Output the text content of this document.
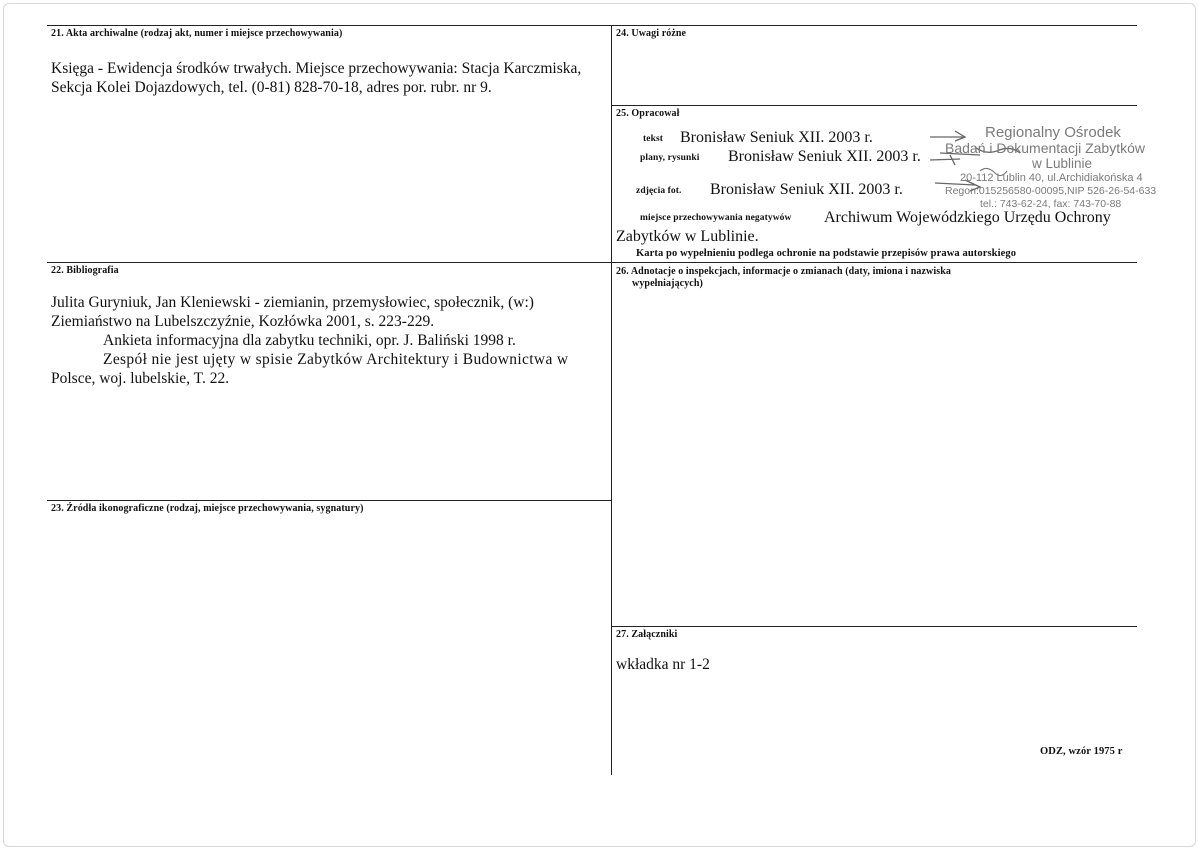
21. Akta archiwalne (rodzaj akt, numer i miejsce przechowywania)
Księga - Ewidencja środków trwałych. Miejsce przechowywania: Stacja Karczmiska,
Sekcja Kolei Dojazdowych, tel. (0-81) 828-70-18, adres por. rubr. nr 9.
22. Bibliografia
Julita Guryniuk, Jan Kleniewski - ziemianin, przemysłowiec, społecznik, (w:)
Ziemiaństwo na Lubelszczyźnie, Kozłówka 2001, s. 223-229.
Ankieta informacyjna dla zabytku techniki, opr. J. Baliński 1998 r.
Zespół nie jest ujęty w spisie Zabytków Architektury i Budownictwa w
Polsce, woj. lubelskie, T. 22.
23. Źródła ikonograficzne (rodzaj, miejsce przechowywania, sygnatury)
24. Uwagi różne
25. Opracował
tekst Bronisław Seniuk XII. 2003 r.
plany, rysunki Bronisław Seniuk XII. 2003 r.
zdjęcia fot. Bronisław Seniuk XII. 2003 r.
miejsce przechowywania negatywów Archiwum Wojewódzkiego Urzędu Ochrony
Zabytków w Lublinie.
Karta po wypełnieniu podlega ochronie na podstawie przepisów prawa autorskiego
Regionalny Ośrodek
Badań i Dokumentacji Zabytków
w Lublinie
20-112 Lublin 40, ul.Archidiakońska 4
Regon:015256580-00095,NIP 526-26-54-633
tel.: 743-62-24, fax: 743-70-88
26. Adnotacje o inspekcjach, informacje o zmianach (daty, imiona i nazwiska
wypełniających)
27. Załączniki
wkładka nr 1-2
ODZ, wzór 1975 r
